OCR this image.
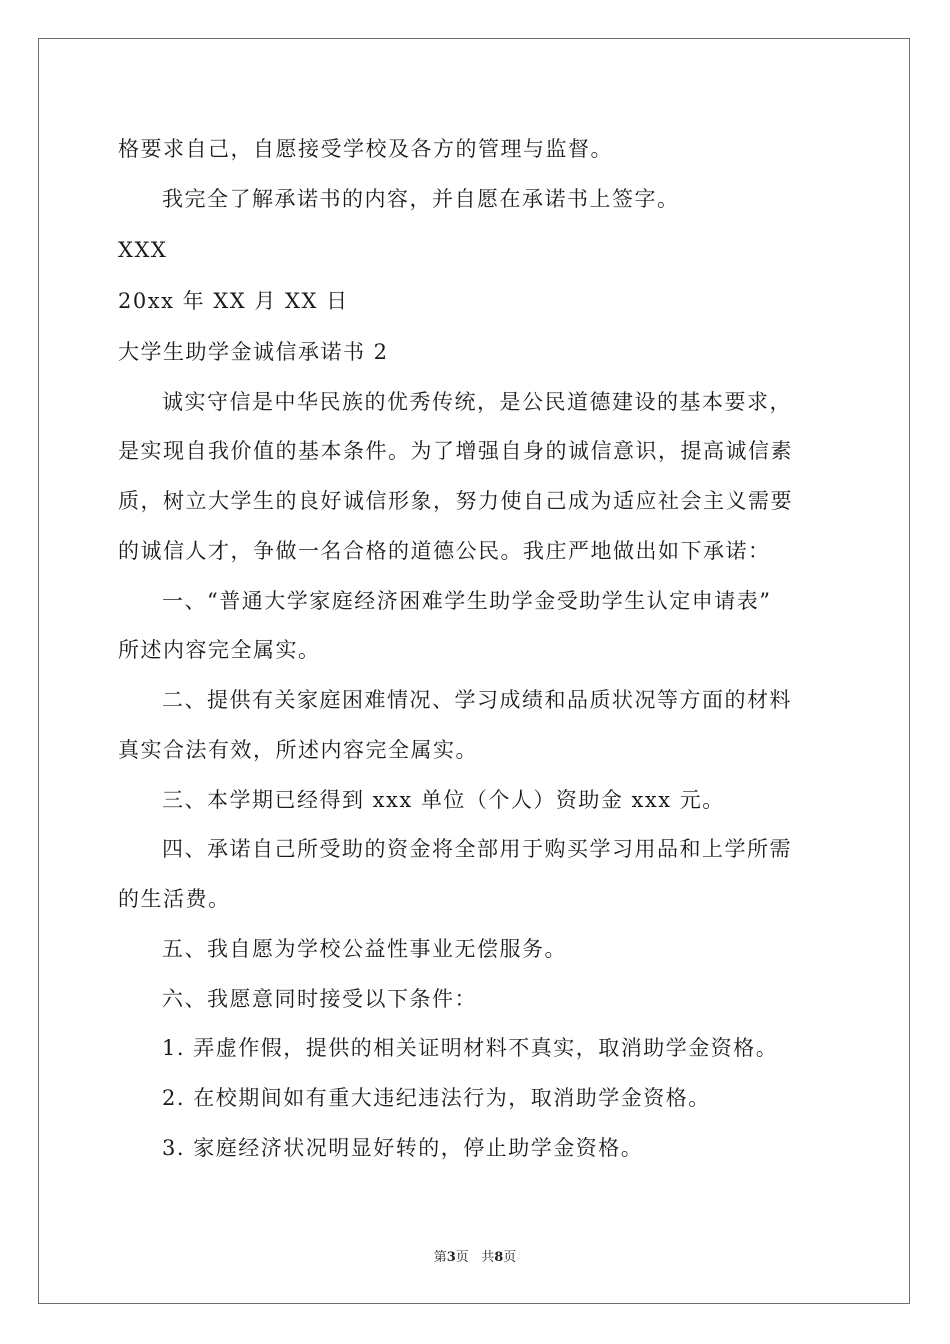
格要求自己，自愿接受学校及各方的管理与监督。
我完全了解承诺书的内容，并自愿在承诺书上签字。
XXX
20xx 年 XX 月 XX 日
大学生助学金诚信承诺书 2
诚实守信是中华民族的优秀传统，是公民道德建设的基本要求，
是实现自我价值的基本条件。为了增强自身的诚信意识，提高诚信素
质，树立大学生的良好诚信形象，努力使自己成为适应社会主义需要
的诚信人才，争做一名合格的道德公民。我庄严地做出如下承诺：
一、“普通大学家庭经济困难学生助学金受助学生认定申请表”
所述内容完全属实。
二、提供有关家庭困难情况、学习成绩和品质状况等方面的材料
真实合法有效，所述内容完全属实。
三、本学期已经得到 xxx 单位（个人）资助金 xxx 元。
四、承诺自己所受助的资金将全部用于购买学习用品和上学所需
的生活费。
五、我自愿为学校公益性事业无偿服务。
六、我愿意同时接受以下条件：
1. 弄虚作假，提供的相关证明材料不真实，取消助学金资格。
2. 在校期间如有重大违纪违法行为，取消助学金资格。
3. 家庭经济状况明显好转的，停止助学金资格。
第3页   共8页
